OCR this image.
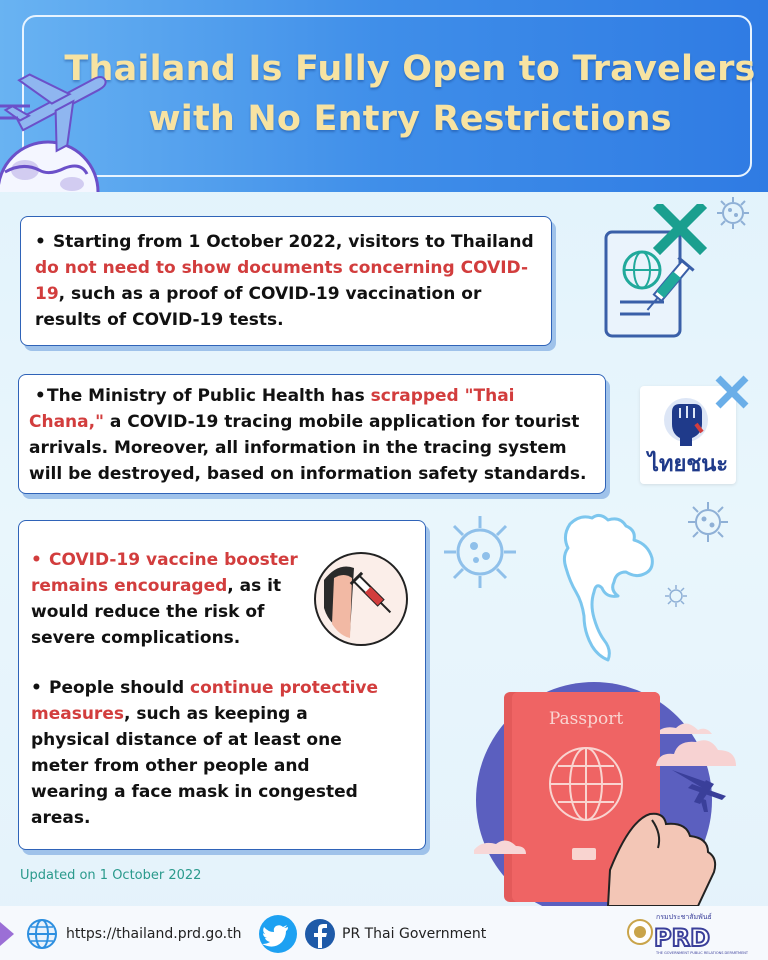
Thailand Is Fully Open to Travelers
with No Entry Restrictions

• Starting from 1 October 2022, visitors to Thailand do not need to show documents concerning COVID-19, such as a proof of COVID-19 vaccination or results of COVID-19 tests.

•The Ministry of Public Health has scrapped "Thai Chana," a COVID-19 tracing mobile application for tourist arrivals. Moreover, all information in the tracing system will be destroyed, based on information safety standards.	ไทยชนะ

• COVID-19 vaccine booster remains encouraged, as it would reduce the risk of severe complications.

• People should continue protective measures, such as keeping a physical distance of at least one meter from other people and wearing a face mask in congested areas.

Passport
Updated on 1 October 2022
https://thailand.prd.go.th	PR Thai Government
กรมประชาสัมพันธ์
PRD
THE GOVERNMENT PUBLIC RELATIONS DEPARTMENT
